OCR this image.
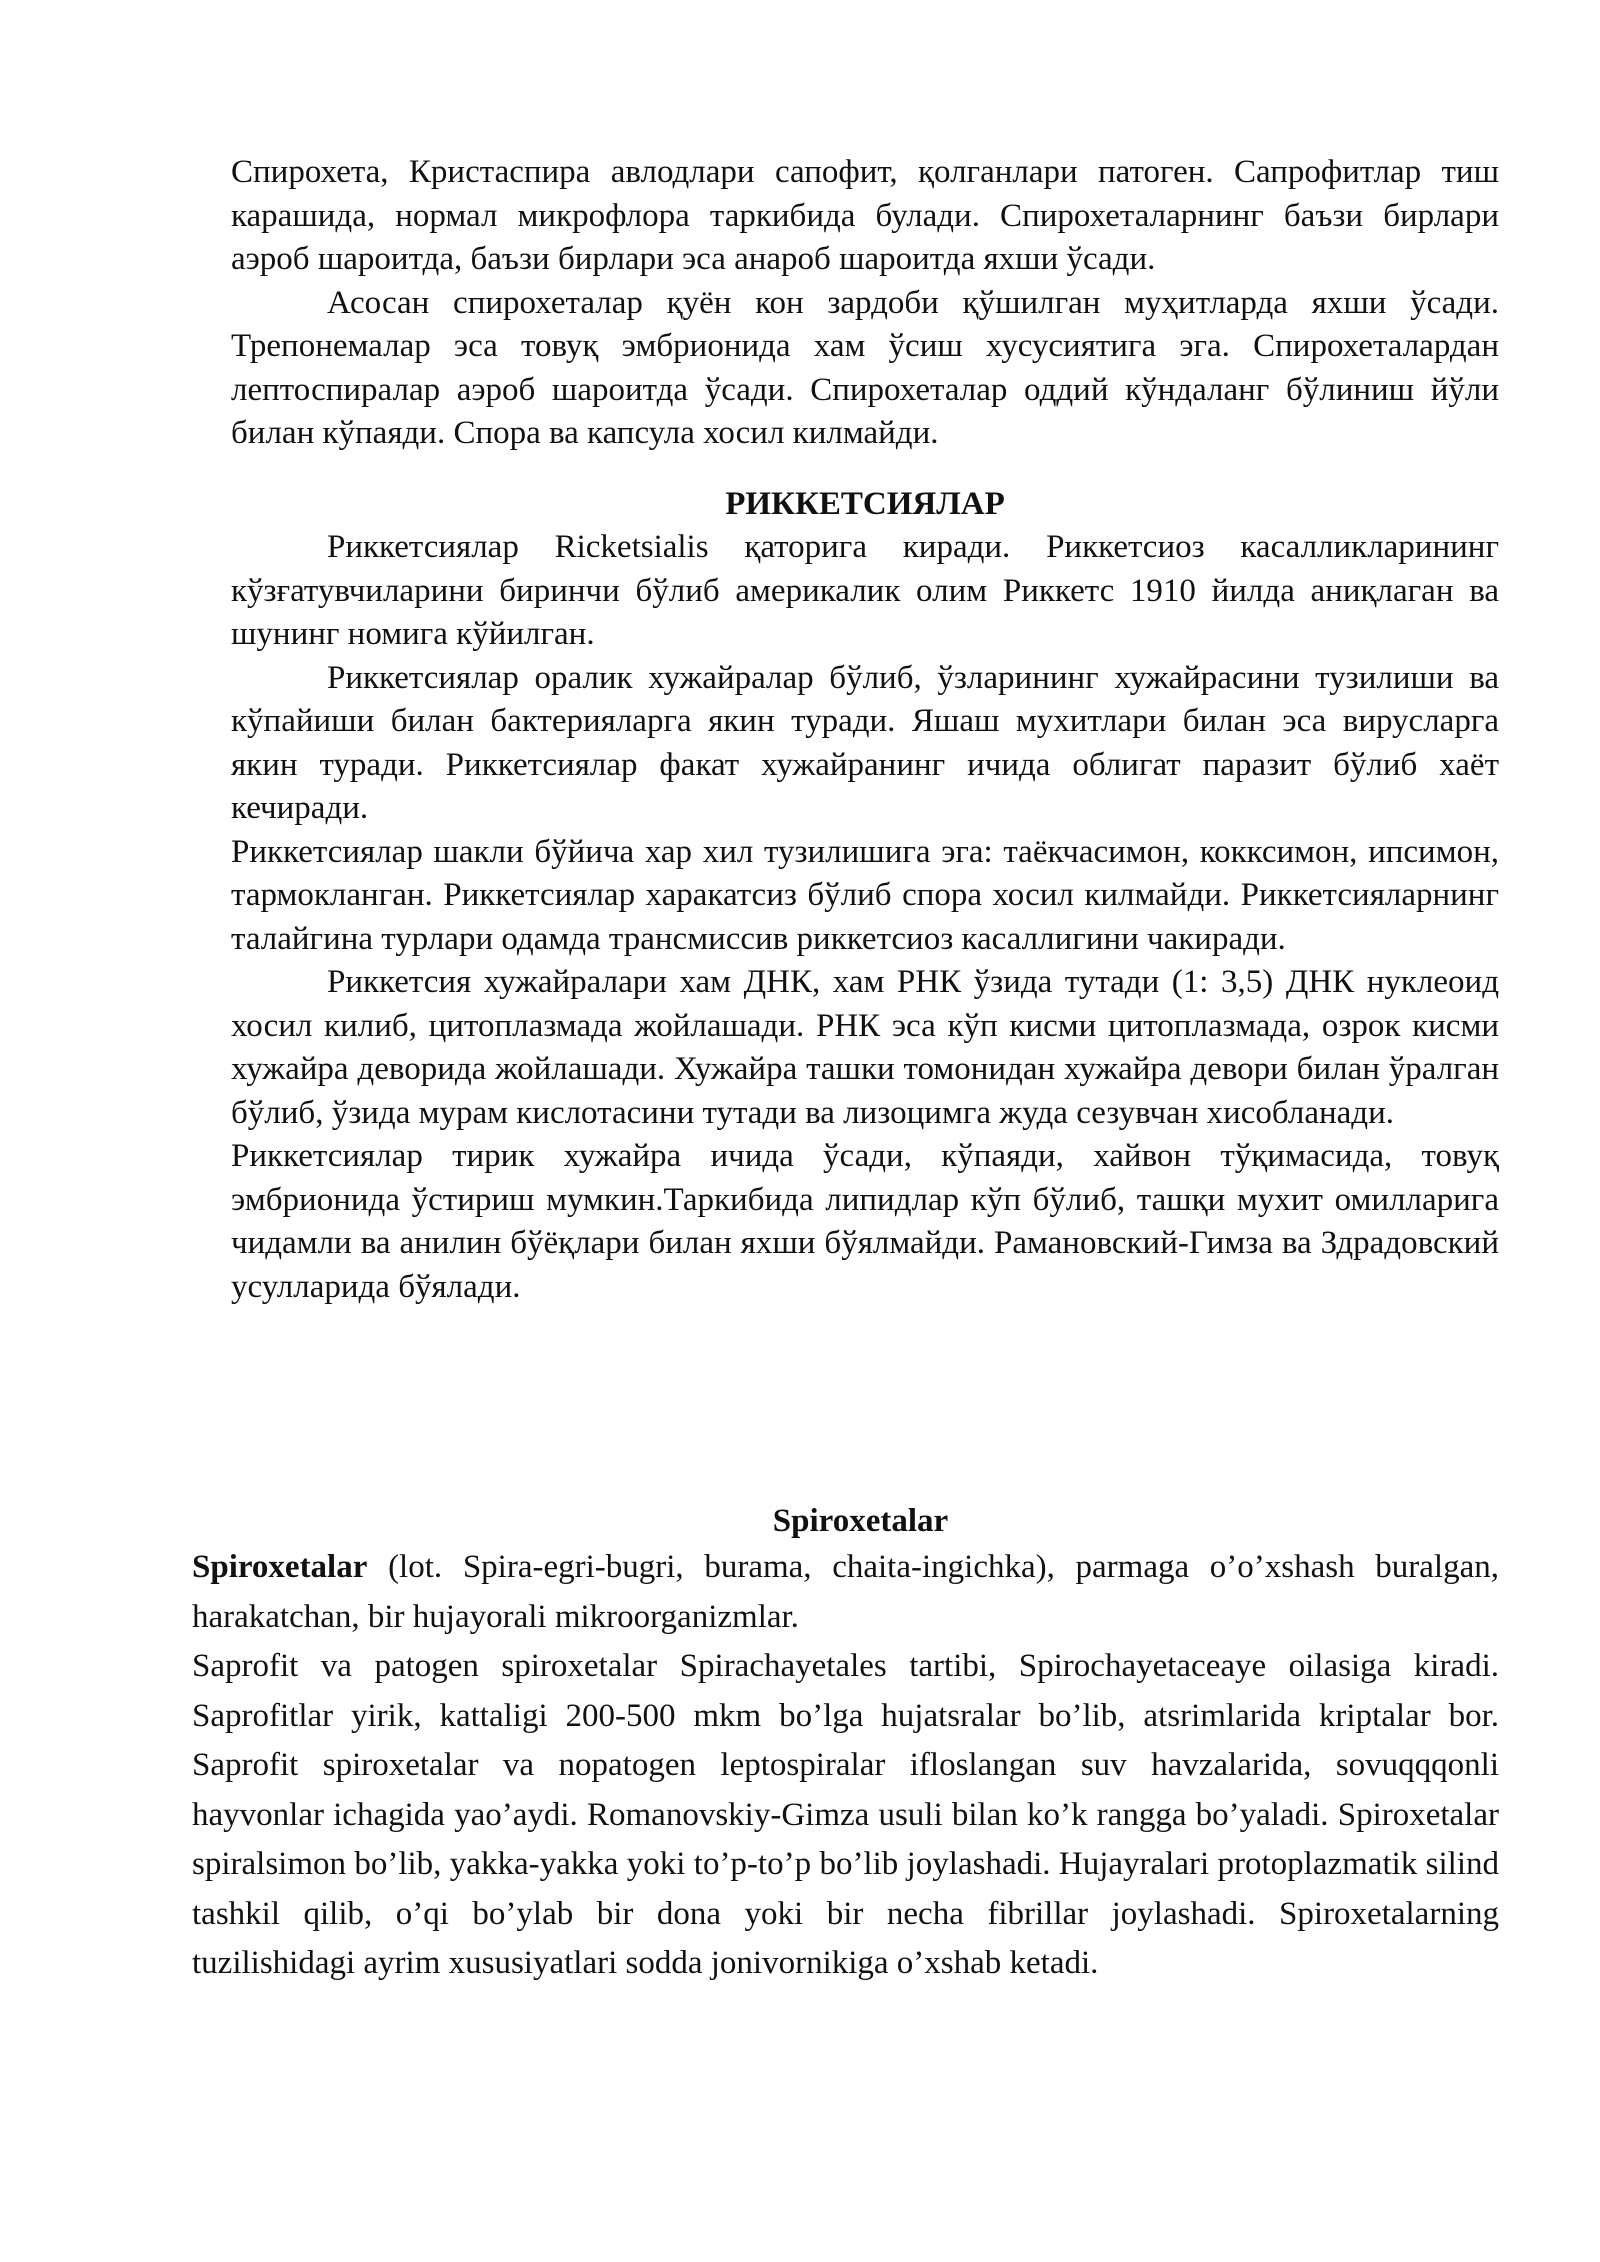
Спирохета, Кристаспира авлодлари сапофит, қолганлари патоген. Сапрофитлар тиш карашида, нормал микрофлора таркибида булади. Спирохеталарнинг баъзи бирлари аэроб шароитда, баъзи бирлари эса анароб шароитда яхши ўсади.

Асосан спирохеталар қуён кон зардоби қўшилган муҳитларда яхши ўсади. Трепонемалар эса товуқ эмбрионида хам ўсиш хусусиятига эга. Спирохеталардан лептоспиралар аэроб шароитда ўсади. Спирохеталар оддий кўндаланг бўлиниш йўли билан кўпаяди. Спора ва капсула хосил килмайди.

РИККЕТСИЯЛАР

Риккетсиялар Ricketsialis қаторига киради. Риккетсиоз касалликларининг

кўзғатувчиларини биринчи бўлиб америкалик олим Риккетс 1910 йилда аниқлаган ва шунинг номига кўйилган.

Риккетсиялар оралик хужайралар бўлиб, ўзларининг хужайрасини тузилиши ва кўпайиши билан бактерияларга якин туради. Яшаш мухитлари билан эса вирусларга якин туради. Риккетсиялар факат хужайранинг ичида облигат паразит бўлиб хаёт кечиради.

Риккетсиялар шакли бўйича хар хил тузилишига эга: таёкчасимон, кокксимон, ипсимон, тармокланган. Риккетсиялар харакатсиз бўлиб спора хосил килмайди. Риккетсияларнинг талайгина турлари одамда трансмиссив риккетсиоз касаллигини чакиради.

Риккетсия хужайралари хам ДНК, хам РНК ўзида тутади (1: 3,5) ДНК нуклеоид хосил килиб, цитоплазмада жойлашади. РНК эса кўп кисми цитоплазмада, озрок кисми хужайра деворида жойлашади. Хужайра ташки томонидан хужайра девори билан ўралган бўлиб, ўзида мурам кислотасини тутади ва лизоцимга жуда сезувчан хисобланади.

Риккетсиялар тирик хужайра ичида ўсади, кўпаяди, хайвон тўқимасида, товуқ эмбрионида ўстириш мумкин.Таркибида липидлар кўп бўлиб, ташқи мухит омилларига чидамли ва анилин бўёқлари билан яхши бўялмайди. Рамановский-Гимза ва Здрадовский усулларида бўялади.

Spiroxetalar

Spiroxetalar (lot. Spira-egri-bugri, burama, chaita-ingichka), parmaga o’o’xshash buralgan, harakatchan, bir hujayorali mikroorganizmlar.

Saprofit va patogen spiroxetalar Spirachayetales tartibi, Spirochayetaceaye oilasiga kiradi. Saprofitlar yirik, kattaligi 200-500 mkm bo’lga hujatsralar bo’lib, atsrimlarida kriptalar bor. Saprofit spiroxetalar va nopatogen leptospiralar ifloslangan suv havzalarida, sovuqqqonli hayvonlar ichagida yao’aydi. Romanovskiy-Gimza usuli bilan ko’k rangga bo’yaladi. Spiroxetalar spiralsimon bo’lib, yakka-yakka yoki to’p-to’p bo’lib joylashadi. Hujayralari protoplazmatik silind tashkil qilib, o’qi bo’ylab bir dona yoki bir necha fibrillar joylashadi. Spiroxetalarning tuzilishidagi ayrim xususiyatlari sodda jonivornikiga o’xshab ketadi.
